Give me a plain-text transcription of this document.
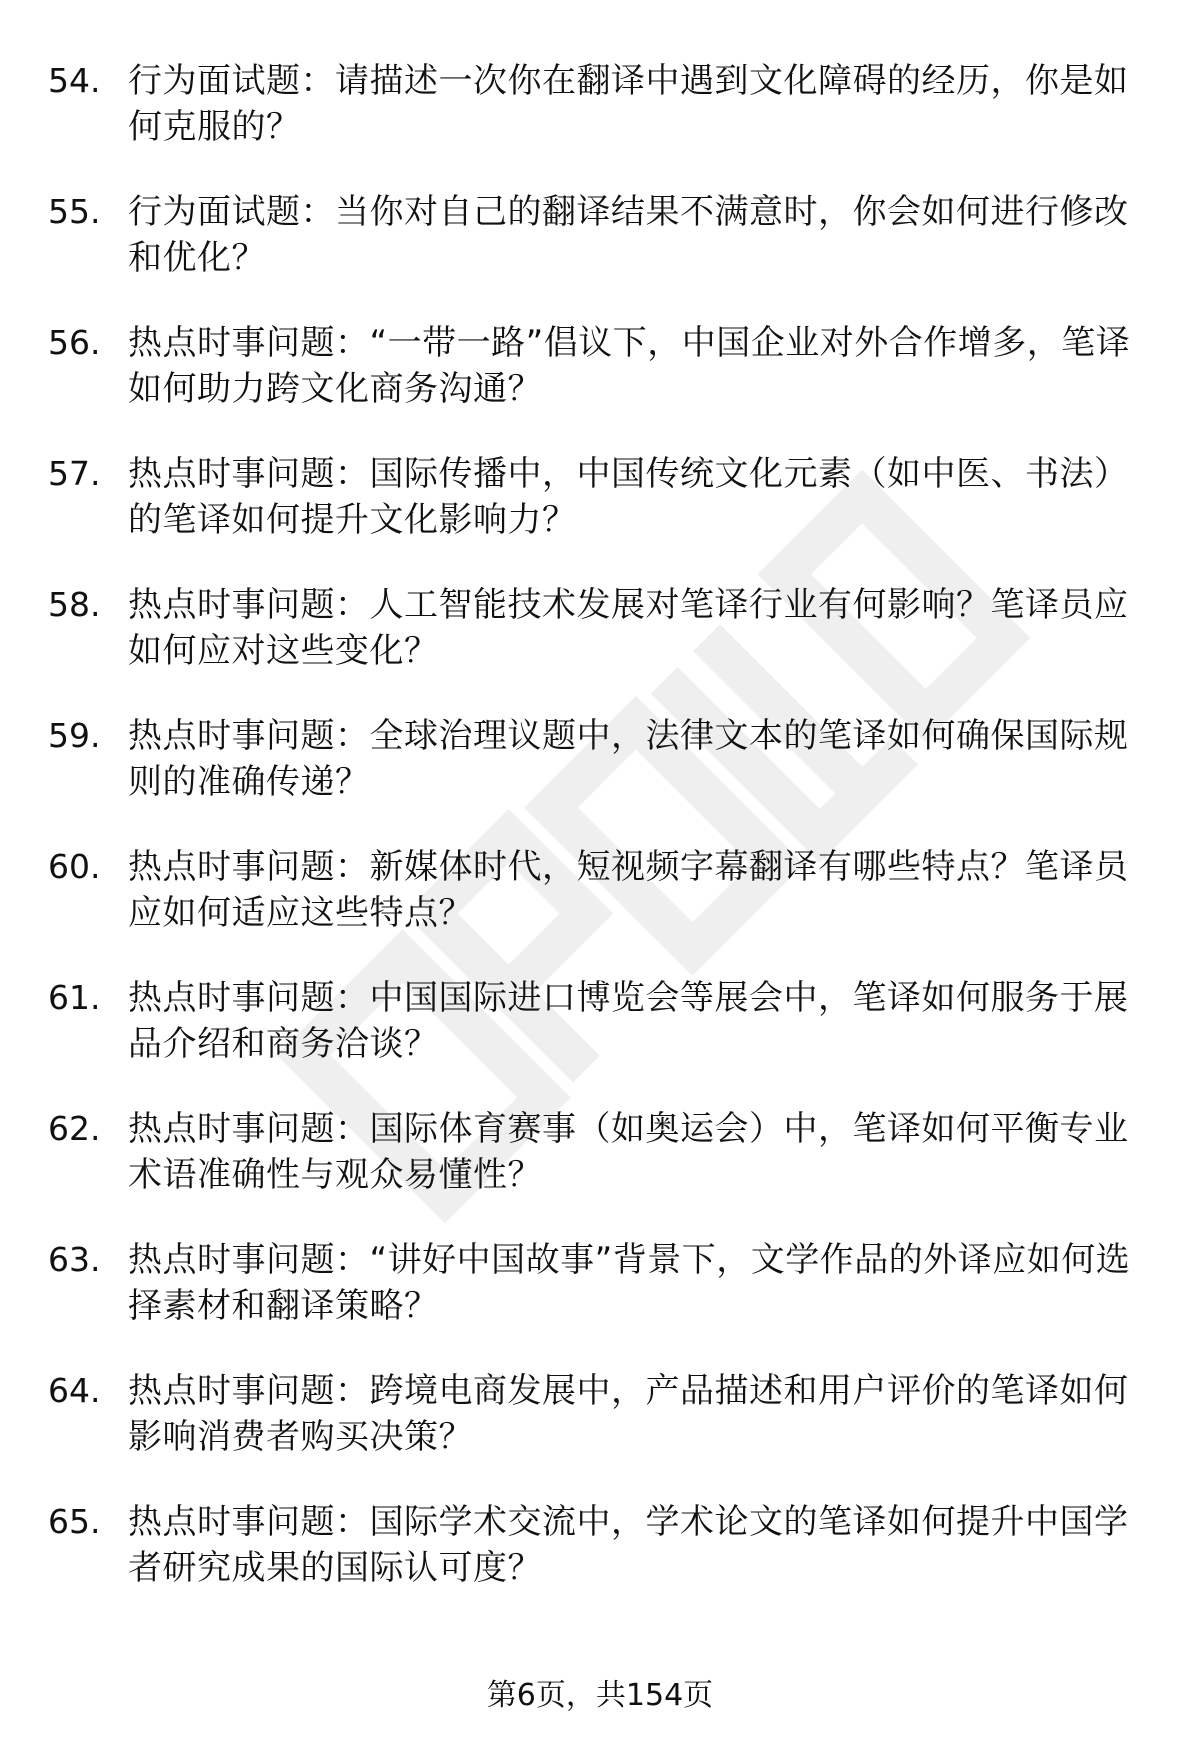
54. 行为面试题：请描述一次你在翻译中遇到文化障碍的经历，你是如何克服的？
55. 行为面试题：当你对自己的翻译结果不满意时，你会如何进行修改和优化？
56. 热点时事问题：“一带一路”倡议下，中国企业对外合作增多，笔译如何助力跨文化商务沟通？
57. 热点时事问题：国际传播中，中国传统文化元素（如中医、书法）的笔译如何提升文化影响力？
58. 热点时事问题：人工智能技术发展对笔译行业有何影响？笔译员应如何应对这些变化？
59. 热点时事问题：全球治理议题中，法律文本的笔译如何确保国际规则的准确传递？
60. 热点时事问题：新媒体时代，短视频字幕翻译有哪些特点？笔译员应如何适应这些特点？
61. 热点时事问题：中国国际进口博览会等展会中，笔译如何服务于展品介绍和商务洽谈？
62. 热点时事问题：国际体育赛事（如奥运会）中，笔译如何平衡专业术语准确性与观众易懂性？
63. 热点时事问题：“讲好中国故事”背景下，文学作品的外译应如何选择素材和翻译策略？
64. 热点时事问题：跨境电商发展中，产品描述和用户评价的笔译如何影响消费者购买决策？
65. 热点时事问题：国际学术交流中，学术论文的笔译如何提升中国学者研究成果的国际认可度？
第6页，共154页
